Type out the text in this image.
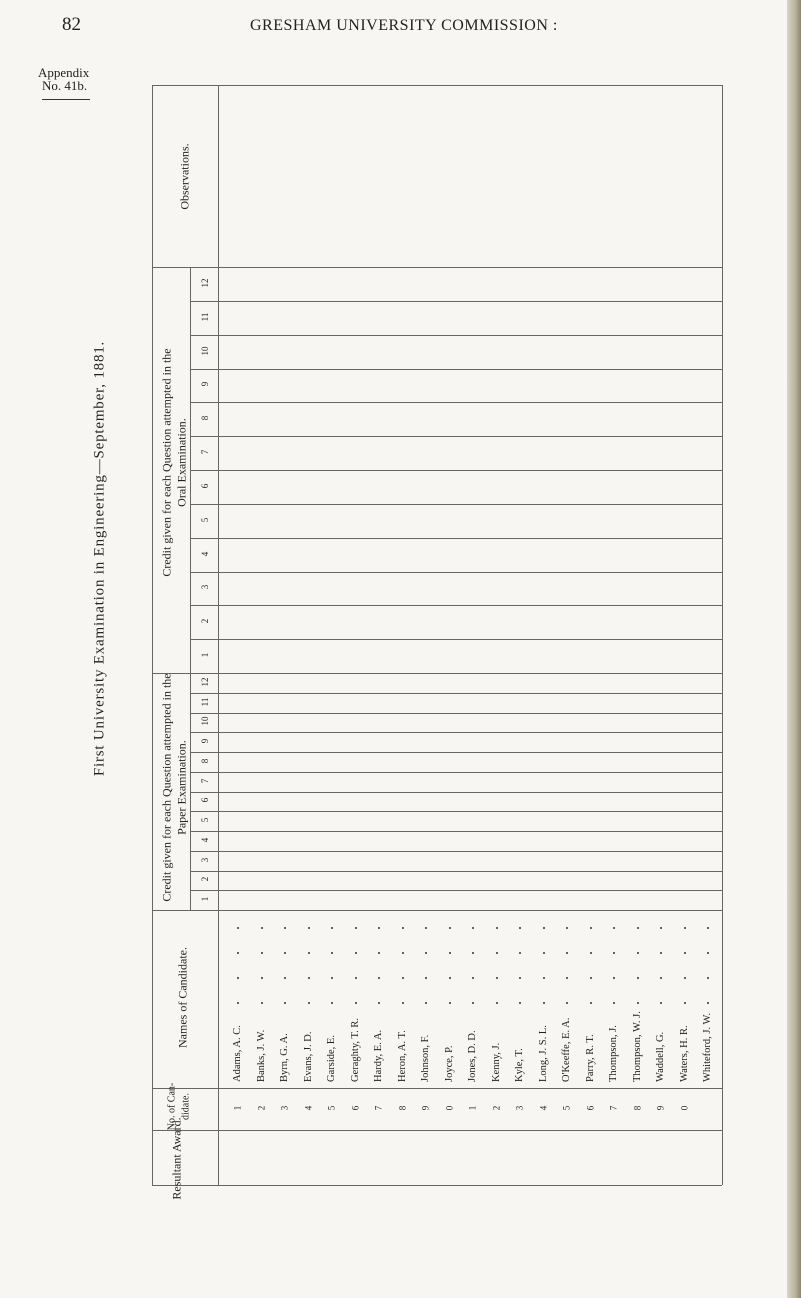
82	GRESHAM UNIVERSITY COMMISSION :
Appendix
No. 41b.
First University Examination in Engineering—September, 1881.
Observations.
Credit given for each Question attempted in the Oral Examination.
Credit given for each Question attempted in the Paper Examination.
Names of Candidate.
No. of Can- didate.
Resultant Award.
1
2
3
4
5
6
7
8
9
10
11
12
1
2
3
4
5
6
7
8
9
10
11
12
Adams, A. C.
1
Banks, J. W.
2
Byrn, G. A.
3
Evans, J. D.
4
Garside, E.
5
Geraghty, T. R.
6
Hardy, E. A.
7
Heron, A. T.
8
Johnson, F.
9
Joyce, P.
0
Jones, D. D.
1
Kenny, J.
2
Kyle, T.
3
Long, J. S. L.
4
O'Keeffe, E. A.
5
Parry, R. T.
6
Thompson, J.
7
Thompson, W. J.
8
Waddell, G.
9
Waters, H. R.
0
Whiteford, J. W.
